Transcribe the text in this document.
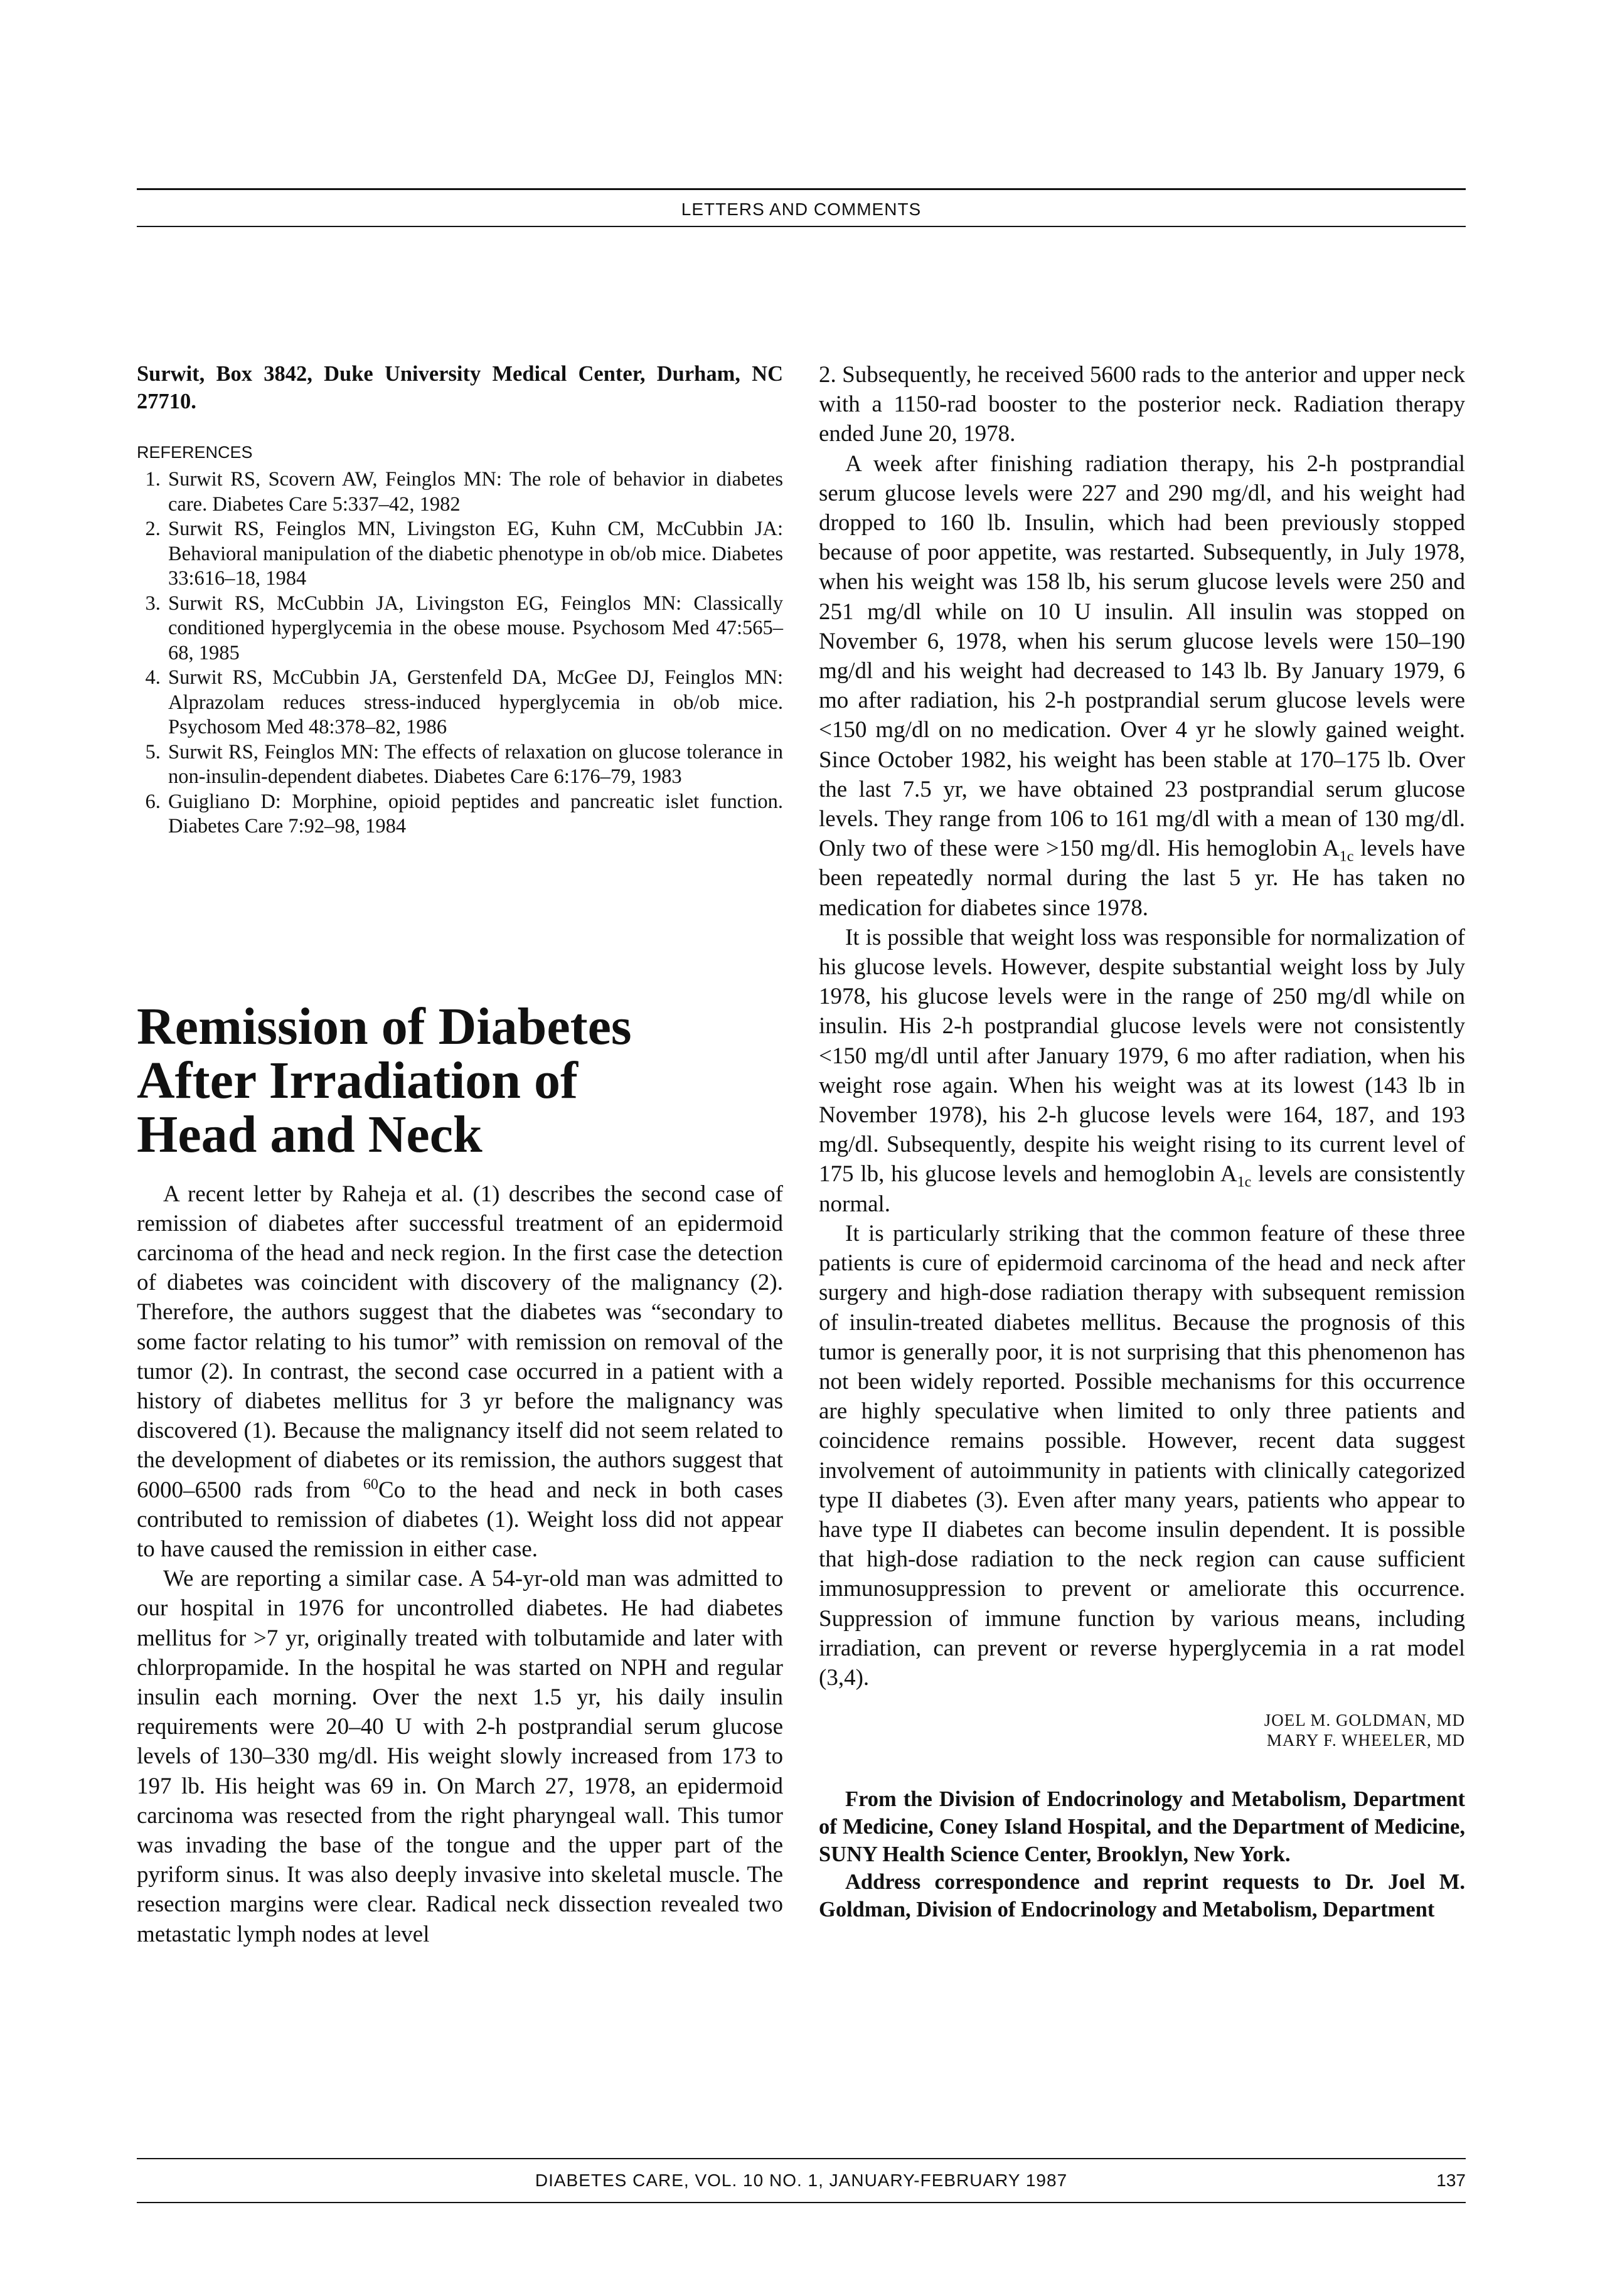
LETTERS AND COMMENTS

Surwit, Box 3842, Duke University Medical Center, Durham, NC 27710.

REFERENCES
1. Surwit RS, Scovern AW, Feinglos MN: The role of behavior in diabetes care. Diabetes Care 5:337–42, 1982
2. Surwit RS, Feinglos MN, Livingston EG, Kuhn CM, McCubbin JA: Behavioral manipulation of the diabetic phenotype in ob/ob mice. Diabetes 33:616–18, 1984
3. Surwit RS, McCubbin JA, Livingston EG, Feinglos MN: Classically conditioned hyperglycemia in the obese mouse. Psychosom Med 47:565–68, 1985
4. Surwit RS, McCubbin JA, Gerstenfeld DA, McGee DJ, Feinglos MN: Alprazolam reduces stress-induced hyperglycemia in ob/ob mice. Psychosom Med 48:378–82, 1986
5. Surwit RS, Feinglos MN: The effects of relaxation on glucose tolerance in non-insulin-dependent diabetes. Diabetes Care 6:176–79, 1983
6. Guigliano D: Morphine, opioid peptides and pancreatic islet function. Diabetes Care 7:92–98, 1984
Remission of Diabetes
After Irradiation of
Head and Neck

A recent letter by Raheja et al. (1) describes the second case of remission of diabetes after successful treatment of an epidermoid carcinoma of the head and neck region. In the first case the detection of diabetes was coincident with discovery of the malignancy (2). Therefore, the authors suggest that the diabetes was “secondary to some factor relating to his tumor” with remission on removal of the tumor (2). In contrast, the second case occurred in a patient with a history of diabetes mellitus for 3 yr before the malignancy was discovered (1). Because the malignancy itself did not seem related to the development of diabetes or its remission, the authors suggest that 6000–6500 rads from $^{60}$Co to the head and neck in both cases contributed to remission of diabetes (1). Weight loss did not appear to have caused the remission in either case.

We are reporting a similar case. A 54-yr-old man was admitted to our hospital in 1976 for uncontrolled diabetes. He had diabetes mellitus for >7 yr, originally treated with tolbutamide and later with chlorpropamide. In the hospital he was started on NPH and regular insulin each morning. Over the next 1.5 yr, his daily insulin requirements were 20–40 U with 2-h postprandial serum glucose levels of 130–330 mg/dl. His weight slowly increased from 173 to 197 lb. His height was 69 in. On March 27, 1978, an epidermoid carcinoma was resected from the right pharyngeal wall. This tumor was invading the base of the tongue and the upper part of the pyriform sinus. It was also deeply invasive into skeletal muscle. The resection margins were clear. Radical neck dissection revealed two metastatic lymph nodes at level

2. Subsequently, he received 5600 rads to the anterior and upper neck with a 1150-rad booster to the posterior neck. Radiation therapy ended June 20, 1978.

A week after finishing radiation therapy, his 2-h postprandial serum glucose levels were 227 and 290 mg/dl, and his weight had dropped to 160 lb. Insulin, which had been previously stopped because of poor appetite, was restarted. Subsequently, in July 1978, when his weight was 158 lb, his serum glucose levels were 250 and 251 mg/dl while on 10 U insulin. All insulin was stopped on November 6, 1978, when his serum glucose levels were 150–190 mg/dl and his weight had decreased to 143 lb. By January 1979, 6 mo after radiation, his 2-h postprandial serum glucose levels were <150 mg/dl on no medication. Over 4 yr he slowly gained weight. Since October 1982, his weight has been stable at 170–175 lb. Over the last 7.5 yr, we have obtained 23 postprandial serum glucose levels. They range from 106 to 161 mg/dl with a mean of 130 mg/dl. Only two of these were >150 mg/dl. His hemoglobin $A_{1c}$ levels have been repeatedly normal during the last 5 yr. He has taken no medication for diabetes since 1978.

It is possible that weight loss was responsible for normalization of his glucose levels. However, despite substantial weight loss by July 1978, his glucose levels were in the range of 250 mg/dl while on insulin. His 2-h postprandial glucose levels were not consistently <150 mg/dl until after January 1979, 6 mo after radiation, when his weight rose again. When his weight was at its lowest (143 lb in November 1978), his 2-h glucose levels were 164, 187, and 193 mg/dl. Subsequently, despite his weight rising to its current level of 175 lb, his glucose levels and hemoglobin $A_{1c}$ levels are consistently normal.

It is particularly striking that the common feature of these three patients is cure of epidermoid carcinoma of the head and neck after surgery and high-dose radiation therapy with subsequent remission of insulin-treated diabetes mellitus. Because the prognosis of this tumor is generally poor, it is not surprising that this phenomenon has not been widely reported. Possible mechanisms for this occurrence are highly speculative when limited to only three patients and coincidence remains possible. However, recent data suggest involvement of autoimmunity in patients with clinically categorized type II diabetes (3). Even after many years, patients who appear to have type II diabetes can become insulin dependent. It is possible that high-dose radiation to the neck region can cause sufficient immunosuppression to prevent or ameliorate this occurrence. Suppression of immune function by various means, including irradiation, can prevent or reverse hyperglycemia in a rat model (3,4).

JOEL M. GOLDMAN, MD
MARY F. WHEELER, MD

From the Division of Endocrinology and Metabolism, Department of Medicine, Coney Island Hospital, and the Department of Medicine, SUNY Health Science Center, Brooklyn, New York.

Address correspondence and reprint requests to Dr. Joel M. Goldman, Division of Endocrinology and Metabolism, Department

DIABETES CARE, VOL. 10 NO. 1, JANUARY-FEBRUARY 1987	137
